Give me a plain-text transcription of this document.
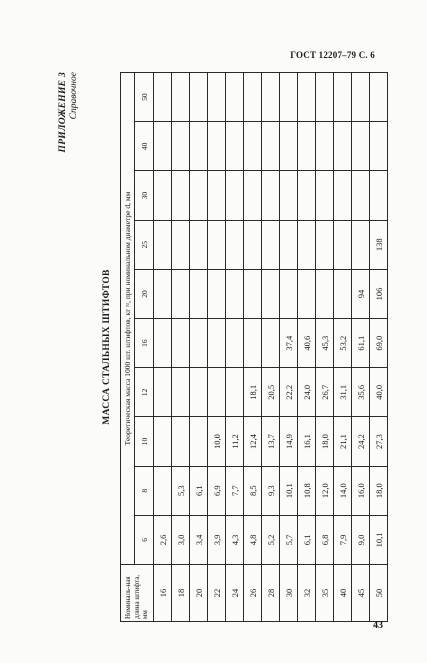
ГОСТ 12207–79 С. 6
ПРИЛОЖЕНИЕ 3 Справочное
МАССА СТАЛЬНЫХ ШТИФТОВ
Номиналь-ная длина штифта, мм	Теоретическая масса 1000 шт. штифтов, кг ≈, при номинальном диаметре d, мм									
	6	8	10	12	16	20	25	30	40	50
16	2,6									
18	3,0	5,3								
20	3,4	6,1								
22	3,9	6,9	10,0							
24	4,3	7,7	11,2							
26	4,8	8,5	12,4	18,1						
28	5,2	9,3	13,7	20,5						
30	5,7	10,1	14,9	22,2	37,4					
32	6,1	10,8	16,1	24,0	40,6					
35	6,8	12,0	18,0	26,7	45,3					
40	7,9	14,0	21,1	31,1	53,2					
45	9,0	16,0	24,2	35,6	61,1	94				
50	10,1	18,0	27,3	40,0	69,0	106	138			
43
